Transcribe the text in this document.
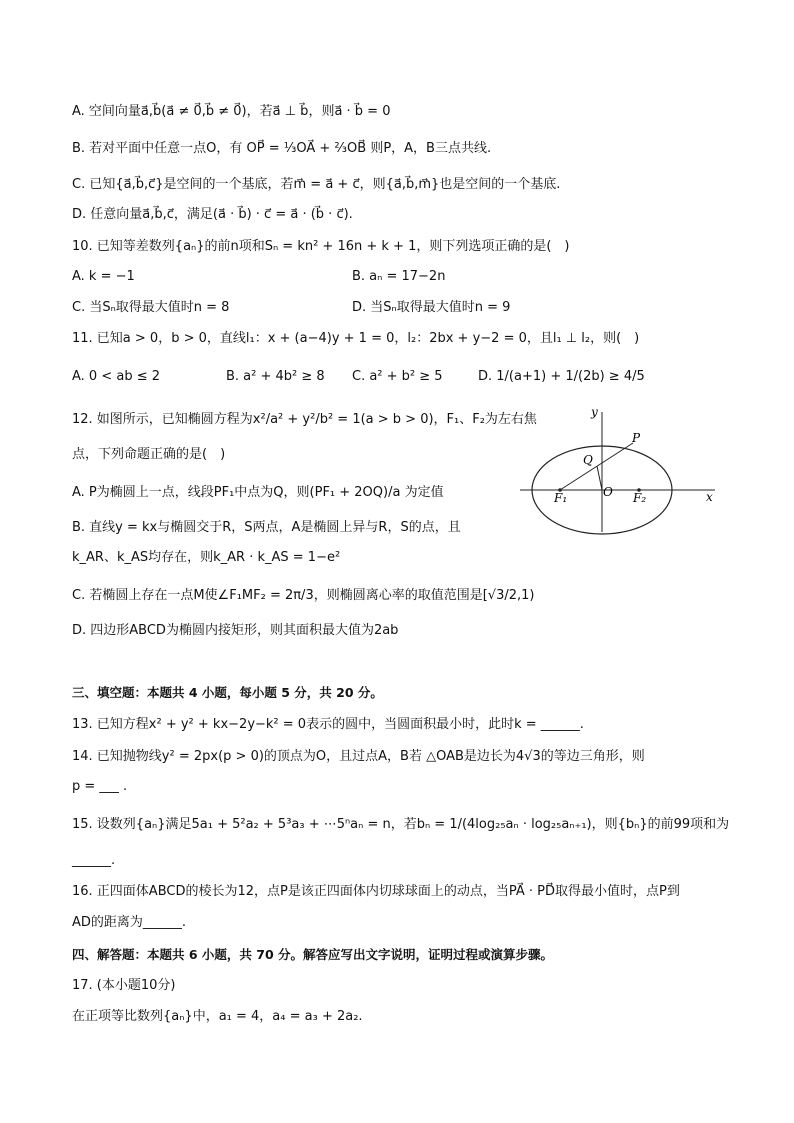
A. 空间向量a⃗,b⃗(a⃗ ≠ 0⃗,b⃗ ≠ 0⃗)，若a⃗ ⊥ b⃗，则a⃗ · b⃗ = 0
B. 若对平面中任意一点O，有 OP⃗ = ⅓OA⃗ + ⅔OB⃗ 则P，A，B三点共线.
C. 已知{a⃗,b⃗,c⃗}是空间的一个基底，若m⃗ = a⃗ + c⃗，则{a⃗,b⃗,m⃗}也是空间的一个基底.
D. 任意向量a⃗,b⃗,c⃗，满足(a⃗ · b⃗) · c⃗ = a⃗ · (b⃗ · c⃗).
10. 已知等差数列{aₙ}的前n项和Sₙ = kn² + 16n + k + 1，则下列选项正确的是(　)
A. k = −1	B. aₙ = 17−2n
C. 当Sₙ取得最大值时n = 8	D. 当Sₙ取得最大值时n = 9
11. 已知a > 0，b > 0，直线l₁：x + (a−4)y + 1 = 0，l₂：2bx + y−2 = 0，且l₁ ⊥ l₂，则(　)
A. 0 < ab ≤ 2	B. a² + 4b² ≥ 8 C. a² + b² ≥ 5	D. 1/(a+1) + 1/(2b) ≥ 4/5
12. 如图所示，已知椭圆方程为x²/a² + y²/b² = 1(a > b > 0)，F₁、F₂为左右焦
点，下列命题正确的是(　)
A. P为椭圆上一点，线段PF₁中点为Q，则(PF₁ + 2OQ)/a 为定值
B. 直线y = kx与椭圆交于R，S两点，A是椭圆上异与R，S的点，且
k_AR、k_AS均存在，则k_AR · k_AS = 1−e²
C. 若椭圆上存在一点M使∠F₁MF₂ = 2π/3，则椭圆离心率的取值范围是[√3/2,1)
D. 四边形ABCD为椭圆内接矩形，则其面积最大值为2ab
y
x
P
Q
O
F₁	F₂
三、填空题：本题共 4 小题，每小题 5 分，共 20 分。
13. 已知方程x² + y² + kx−2y−k² = 0表示的圆中，当圆面积最小时，此时k = ______.
14. 已知抛物线y² = 2px(p > 0)的顶点为O，且过点A，B若 △OAB是边长为4√3的等边三角形，则
p = ___ .
15. 设数列{aₙ}满足5a₁ + 5²a₂ + 5³a₃ + ⋯5ⁿaₙ = n，若bₙ = 1/(4log₂₅aₙ · log₂₅aₙ₊₁)，则{bₙ}的前99项和为
______.
16. 正四面体ABCD的棱长为12，点P是该正四面体内切球球面上的动点，当PA⃗ · PD⃗取得最小值时，点P到
AD的距离为______.
四、解答题：本题共 6 小题，共 70 分。解答应写出文字说明，证明过程或演算步骤。
17. (本小题10分)
在正项等比数列{aₙ}中，a₁ = 4，a₄ = a₃ + 2a₂.
